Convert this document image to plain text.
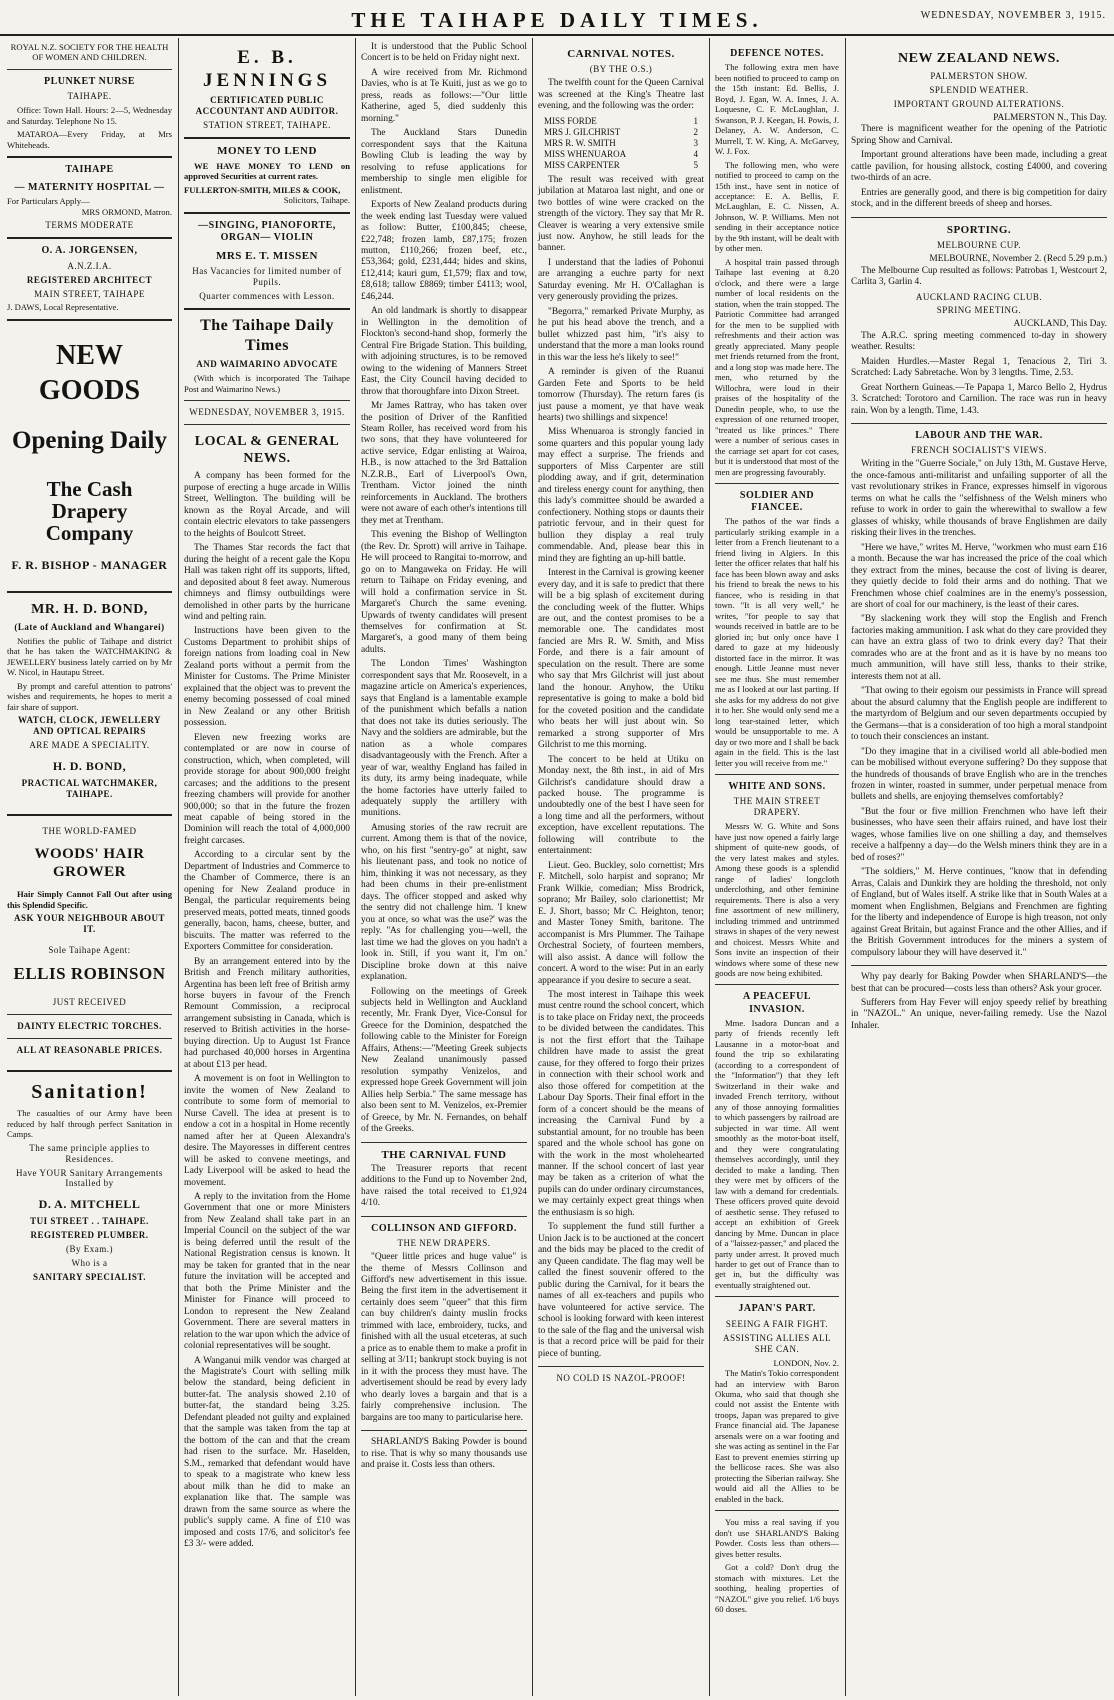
THE TAIHAPE DAILY TIMES.	WEDNESDAY, NOVEMBER 3, 1915.
ROYAL N.Z. SOCIETY FOR THE HEALTH OF WOMEN AND CHILDREN.
PLUNKET NURSE
TAIHAPE.

Office: Town Hall. Hours: 2—5, Wednesday and Saturday. Telephone No 15.

MATAROA—Every Friday, at Mrs Whiteheads.

TAIHAPE
— MATERNITY HOSPITAL —
For Particulars Apply—
MRS ORMOND, Matron.
TERMS MODERATE
O. A. JORGENSEN,
A.N.Z.I.A.
REGISTERED ARCHITECT
MAIN STREET, TAIHAPE
J. DAWS, Local Representative.
NEW
GOODS
Opening Daily
The Cash Drapery Company
F. R. BISHOP - MANAGER
MR. H. D. BOND,
(Late of Auckland and Whangarei)

Notifies the public of Taihape and district that he has taken the WATCHMAKING & JEWELLERY business lately carried on by Mr W. Nicol, in Hautapu Street.

By prompt and careful attention to patrons' wishes and requirements, he hopes to merit a fair share of support.

WATCH, CLOCK, JEWELLERY AND OPTICAL REPAIRS
ARE MADE A SPECIALITY.
H. D. BOND,
PRACTICAL WATCHMAKER, TAIHAPE.
THE WORLD-FAMED
WOODS' HAIR GROWER

Hair Simply Cannot Fall Out after using this Splendid Specific.

ASK YOUR NEIGHBOUR ABOUT IT.
Sole Taihape Agent:
ELLIS ROBINSON
JUST RECEIVED
DAINTY ELECTRIC TORCHES.
ALL AT REASONABLE PRICES.
Sanitation!

The casualties of our Army have been reduced by half through perfect Sanitation in Camps.

The same principle applies to Residences.
Have YOUR Sanitary Arrangements Installed by
D. A. MITCHELL
TUI STREET . . TAIHAPE.
REGISTERED PLUMBER.
(By Exam.)
Who is a
SANITARY SPECIALIST.
E. B. JENNINGS
CERTIFICATED PUBLIC ACCOUNTANT AND AUDITOR.
STATION STREET, TAIHAPE.
MONEY TO LEND

WE HAVE MONEY TO LEND on approved Securities at current rates.

FULLERTON-SMITH, MILES & COOK,
Solicitors, Taihape.
—SINGING, PIANOFORTE, ORGAN— VIOLIN
MRS E. T. MISSEN
Has Vacancies for limited number of Pupils.
Quarter commences with Lesson.
The Taihape Daily Times
AND WAIMARINO ADVOCATE

(With which is incorporated The Taihape Post and Waimarino News.)

WEDNESDAY, NOVEMBER 3, 1915.
LOCAL & GENERAL NEWS.

A company has been formed for the purpose of erecting a huge arcade in Willis Street, Wellington. The building will be known as the Royal Arcade, and will contain electric elevators to take passengers to the heights of Boulcott Street.

The Thames Star records the fact that during the height of a recent gale the Kopu Hall was taken right off its supports, lifted, and deposited about 8 feet away. Numerous chimneys and flimsy outbuildings were demolished in other parts by the hurricane wind and pelting rain.

Instructions have been given to the Customs Department to prohibit ships of foreign nations from loading coal in New Zealand ports without a permit from the Minister for Customs. The Prime Minister explained that the object was to prevent the enemy becoming possessed of coal mined in New Zealand or any other British possession.

Eleven new freezing works are contemplated or are now in course of construction, which, when completed, will provide storage for about 900,000 freight carcases; and the additions to the present freezing chambers will provide for another 900,000; so that in the future the frozen meat capable of being stored in the Dominion will reach the total of 4,000,000 freight carcases.

According to a circular sent by the Department of Industries and Commerce to the Chamber of Commerce, there is an opening for New Zealand produce in Bengal, the particular requirements being preserved meats, potted meats, tinned goods generally, bacon, hams, cheese, butter, and biscuits. The matter was referred to the Exporters Committee for consideration.

By an arrangement entered into by the British and French military authorities, Argentina has been left free of British army horse buyers in favour of the French Remount Commission, a reciprocal arrangement subsisting in Canada, which is reserved to British activities in the horse-buying direction. Up to August 1st France had purchased 40,000 horses in Argentina at about £13 per head.

A movement is on foot in Wellington to invite the women of New Zealand to contribute to some form of memorial to Nurse Cavell. The idea at present is to endow a cot in a hospital in Home recently named after her at Queen Alexandra's desire. The Mayoresses in different centres will be asked to convene meetings, and Lady Liverpool will be asked to head the movement.

A reply to the invitation from the Home Government that one or more Ministers from New Zealand shall take part in an Imperial Council on the subject of the war is being deferred until the result of the National Registration census is known. It may be taken for granted that in the near future the invitation will be accepted and that both the Prime Minister and the Minister for Finance will proceed to London to represent the New Zealand Government. There are several matters in relation to the war upon which the advice of colonial representatives will be sought.

A Wanganui milk vendor was charged at the Magistrate's Court with selling milk below the standard, being deficient in butter-fat. The analysis showed 2.10 of butter-fat, the standard being 3.25. Defendant pleaded not guilty and explained that the sample was taken from the tap at the bottom of the can and that the cream had risen to the surface. Mr. Haselden, S.M., remarked that defendant would have to speak to a magistrate who knew less about milk than he did to make an explanation like that. The sample was drawn from the same source as where the public's supply came. A fine of £10 was imposed and costs 17/6, and solicitor's fee £3 3/- were added.

It is understood that the Public School Concert is to be held on Friday night next.

A wire received from Mr. Richmond Davies, who is at Te Kuiti, just as we go to press, reads as follows:—"Our little Katherine, aged 5, died suddenly this morning."

The Auckland Stars Dunedin correspondent says that the Kaituna Bowling Club is leading the way by resolving to refuse applications for membership to single men eligible for enlistment.

Exports of New Zealand products during the week ending last Tuesday were valued as follow: Butter, £100,845; cheese, £22,748; frozen lamb, £87,175; frozen mutton, £110,266; frozen beef, etc., £53,364; gold, £231,444; hides and skins, £12,414; kauri gum, £1,579; flax and tow, £8,618; tallow £8869; timber £4113; wool, £46,244.

An old landmark is shortly to disappear in Wellington in the demolition of Flockton's second-hand shop, formerly the Central Fire Brigade Station. This building, with adjoining structures, is to be removed owing to the widening of Manners Street East, the City Council having decided to throw that thoroughfare into Dixon Street.

Mr James Rattray, who has taken over the position of Driver of the Ranfitied Steam Roller, has received word from his two sons, that they have volunteered for active service, Edgar enlisting at Wairoa, H.B., is now attached to the 3rd Battalion N.Z.R.B., Earl of Liverpool's Own, Trentham. Victor joined the ninth reinforcements in Auckland. The brothers were not aware of each other's intentions till they met at Trentham.

This evening the Bishop of Wellington (the Rev. Dr. Sprott) will arrive in Taihape. He will proceed to Rangitai to-morrow, and go on to Mangaweka on Friday. He will return to Taihape on Friday evening, and will hold a confirmation service in St. Margaret's Church the same evening. Upwards of twenty candidates will present themselves for confirmation at St. Margaret's, a good many of them being adults.

The London Times' Washington correspondent says that Mr. Roosevelt, in a magazine article on America's experiences, says that England is a lamentable example of the punishment which befalls a nation that does not take its duties seriously. The Navy and the soldiers are admirable, but the nation as a whole compares disadvantageously with the French. After a year of war, wealthy England has failed in its duty, its army being inadequate, while the home factories have utterly failed to adequately supply the artillery with munitions.

Amusing stories of the raw recruit are current. Among them is that of the novice, who, on his first "sentry-go" at night, saw his lieutenant pass, and took no notice of him, thinking it was not necessary, as they had been chums in their pre-enlistment days. The officer stopped and asked why the sentry did not challenge him. 'I knew you at once, so what was the use?' was the reply. ''As for challenging you—well, the last time we had the gloves on you hadn't a look in. Still, if you want it, I'm on.' Discipline broke down at this naive explanation.

Following on the meetings of Greek subjects held in Wellington and Auckland recently, Mr. Frank Dyer, Vice-Consul for Greece for the Dominion, despatched the following cable to the Minister for Foreign Affairs, Athens:—"Meeting Greek subjects New Zealand unanimously passed resolution sympathy Venizelos, and expressed hope Greek Government will join Allies help Serbia." The same message has also been sent to M. Venizelos, ex-Premier of Greece, by Mr. N. Fernandes, on behalf of the Greeks.

THE CARNIVAL FUND

The Treasurer reports that recent additions to the Fund up to November 2nd, have raised the total received to £1,924 4/10.

COLLINSON AND GIFFORD.
THE NEW DRAPERS.

"Queer little prices and huge value" is the theme of Messrs Collinson and Gifford's new advertisement in this issue. Being the first item in the advertisement it certainly does seem "queer" that this firm can buy children's dainty muslin frocks trimmed with lace, embroidery, tucks, and finished with all the usual etceteras, at such a price as to enable them to make a profit in selling at 3/11; bankrupt stock buying is not in it with the process they must have. The advertisement should be read by every lady who dearly loves a bargain and that is a fairly comprehensive inclusion. The bargains are too many to particularise here.

SHARLAND'S Baking Powder is bound to rise. That is why so many thousands use and praise it. Costs less than others.

CARNIVAL NOTES.
(BY THE O.S.)

The twelfth count for the Queen Carnival was screened at the King's Theatre last evening, and the following was the order:

MISS FORDE	1
MRS J. GILCHRIST	2
MRS R. W. SMITH	3
MISS WHENUAROA	4
MISS CARPENTER	5

The result was received with great jubilation at Mataroa last night, and one or two bottles of wine were cracked on the strength of the victory. They say that Mr R. Cleaver is wearing a very extensive smile just now. Anyhow, he still leads for the banner.

I understand that the ladies of Pohonui are arranging a euchre party for next Saturday evening. Mr H. O'Callaghan is very generously providing the prizes.

"Begorra," remarked Private Murphy, as he put his head above the trench, and a bullet whizzed past him, "it's aisy to understand that the more a man looks round in this war the less he's likely to see!"

A reminder is given of the Ruanui Garden Fete and Sports to be held tomorrow (Thursday). The return fares (is just pause a moment, ye that have weak hearts) two shillings and sixpence!

Miss Whenuaroa is strongly fancied in some quarters and this popular young lady may effect a surprise. The friends and supporters of Miss Carpenter are still plodding away, and if grit, determination and tireless energy count for anything, then this lady's committee should be awarded a confectionery. Nothing stops or daunts their patriotic fervour, and in their quest for bullion they display a real truly commendable. And, please bear this in mind they are fighting an up-hill battle.

Interest in the Carnival is growing keener every day, and it is safe to predict that there will be a big splash of excitement during the concluding week of the flutter. Whips are out, and the contest promises to be a memorable one. The candidates most fancied are Mrs R. W. Smith, and Miss Forde, and there is a fair amount of speculation on the result. There are some who say that Mrs Gilchrist will just about land the honour. Anyhow, the Utiku representative is going to make a bold bid for the coveted position and the candidate who beats her will just about win. So remarked a strong supporter of Mrs Gilchrist to me this morning.

The concert to be held at Utiku on Monday next, the 8th inst., in aid of Mrs Gilchrist's candidature should draw a packed house. The programme is undoubtedly one of the best I have seen for a long time and all the performers, without exception, have excellent reputations. The following will contribute to the entertainment:

Lieut. Geo. Buckley, solo cornettist; Mrs F. Mitchell, solo harpist and soprano; Mr Frank Wilkie, comedian; Miss Brodrick, soprano; Mr Bailey, solo clarionettist; Mr E. J. Short, basso; Mr C. Heighton, tenor; and Master Toney Smith, baritone. The accompanist is Mrs Plummer. The Taihape Orchestral Society, of fourteen members, will also assist. A dance will follow the concert. A word to the wise: Put in an early appearance if you desire to secure a seat.

The most interest in Taihape this week must centre round the school concert, which is to take place on Friday next, the proceeds to be divided between the candidates. This is not the first effort that the Taihape children have made to assist the great cause, for they offered to forgo their prizes in connection with their school work and also those offered for competition at the Labour Day Sports. Their final effort in the form of a concert should be the means of increasing the Carnival Fund by a substantial amount, for no trouble has been spared and the whole school has gone on with the work in the most wholehearted manner. If the school concert of last year may be taken as a criterion of what the pupils can do under ordinary circumstances, we may certainly expect great things when the enthusiasm is so high.

To supplement the fund still further a Union Jack is to be auctioned at the concert and the bids may be placed to the credit of any Queen candidate. The flag may well be called the finest souvenir offered to the public during the Carnival, for it bears the names of all ex-teachers and pupils who have volunteered for active service. The school is looking forward with keen interest to the sale of the flag and the universal wish is that a record price will be paid for their piece of bunting.

NO COLD IS NAZOL-PROOF!
DEFENCE NOTES.

The following extra men have been notified to proceed to camp on the 15th instant: Ed. Bellis, J. Boyd, J. Egan, W. A. Innes, J. A. Loquesne, C. F. McLaughlan, J. Swanson, P. J. Keegan, H. Powis, J. Delaney, A. W. Anderson, C. Murrell, T. W. King, A. McGarvey, W. J. Fox.

The following men, who were notified to proceed to camp on the 15th inst., have sent in notice of acceptance: E. A. Bellis, F. McLaughlan, E. C. Nissen, A. Johnson, W. P. Williams. Men not sending in their acceptance notice by the 9th instant, will be dealt with by other men.

A hospital train passed through Taihape last evening at 8.20 o'clock, and there were a large number of local residents on the station, when the train stopped. The Patriotic Committee had arranged for the men to be supplied with refreshments and their action was greatly appreciated. Many people met friends returned from the front, and a long stop was made here. The men, who returned by the Willochra, were loud in their praises of the hospitality of the Dunedin people, who, to use the expression of one returned trooper, "treated us like princes." There were a number of serious cases in the carriage set apart for cot cases, but it is understood that most of the men are progressing favourably.

SOLDIER AND FIANCEE.

The pathos of the war finds a particularly striking example in a letter from a French lieutenant to a friend living in Algiers. In this letter the officer relates that half his face has been blown away and asks his friend to break the news to his fiancee, who is residing in that town. "It is all very well," he writes, "for people to say that wounds received in battle are to be gloried in; but only once have I dared to gaze at my hideously distorted face in the mirror. It was enough. Little Jeanne must never see me thus. She must remember me as I looked at our last parting. If she asks for my address do not give it to her. She would only send me a long tear-stained letter, which would be unsupportable to me. A day or two more and I shall be back again in the field. This is the last letter you will receive from me."

WHITE AND SONS.
THE MAIN STREET DRAPERY.

Messrs W. G. White and Sons have just now opened a fairly large shipment of quite-new goods, of the very latest makes and styles. Among these goods is a splendid range of ladies' longcloth underclothing, and other feminine requirements. There is also a very fine assortment of new millinery, including trimmed and untrimmed straws in shapes of the very newest and choicest. Messrs White and Sons invite an inspection of their windows where some of these new goods are now being exhibited.

A PEACEFUL INVASION.

Mme. Isadora Duncan and a party of friends recently left Lausanne in a motor-boat and found the trip so exhilarating (according to a correspondent of the "Information") that they left Switzerland in their wake and invaded French territory, without any of those annoying formalities to which passengers by railroad are subjected in war time. All went smoothly as the motor-boat itself, and they were congratulating themselves accordingly, until they decided to make a landing. Then they were met by officers of the law with a demand for credentials. These officers proved quite devoid of aesthetic sense. They refused to accept an exhibition of Greek dancing by Mme. Duncan in place of a "laissez-passer," and placed the party under arrest. It proved much harder to get out of France than to get in, but the difficulty was eventually straightened out.

JAPAN'S PART.
SEEING A FAIR FIGHT.
ASSISTING ALLIES ALL SHE CAN.
LONDON, Nov. 2.

The Matin's Tokio correspondent had an interview with Baron Okuma, who said that though she could not assist the Entente with troops, Japan was prepared to give France financial aid. The Japanese arsenals were on a war footing and she was acting as sentinel in the Far East to prevent enemies stirring up the bellicose races. She was also protecting the Siberian railway. She would aid all the Allies to be enabled in the back.

You miss a real saving if you don't use SHARLAND'S Baking Powder. Costs less than others—gives better results.

Got a cold? Don't drug the stomach with mixtures. Let the soothing, healing properties of "NAZOL" give you relief. 1/6 buys 60 doses.

NEW ZEALAND NEWS.
PALMERSTON SHOW.
SPLENDID WEATHER.
IMPORTANT GROUND ALTERATIONS.
PALMERSTON N., This Day.

There is magnificent weather for the opening of the Patriotic Spring Show and Carnival.

Important ground alterations have been made, including a great cattle pavilion, for housing allstock, costing £4000, and covering two-thirds of an acre.

Entries are generally good, and there is big competition for dairy stock, and in the different breeds of sheep and horses.

SPORTING.
MELBOURNE CUP.
MELBOURNE, November 2. (Recd 5.29 p.m.)

The Melbourne Cup resulted as follows: Patrobas 1, Westcourt 2, Carlita 3, Garlin 4.

AUCKLAND RACING CLUB.
SPRING MEETING.
AUCKLAND, This Day.

The A.R.C. spring meeting commenced to-day in showery weather. Results:

Maiden Hurdles.—Master Regal 1, Tenacious 2, Tiri 3. Scratched: Lady Sabretache. Won by 3 lengths. Time, 2.53.

Great Northern Guineas.—Te Papapa 1, Marco Bello 2, Hydrus 3. Scratched: Torotoro and Carnilion. The race was run in heavy rain. Won by a length. Time, 1.43.

LABOUR AND THE WAR.
FRENCH SOCIALIST'S VIEWS.

Writing in the "Guerre Sociale," on July 13th, M. Gustave Herve, the once-famous anti-militarist and unfailing supporter of all the vast revolutionary strikes in France, expresses himself in vigorous terms on what he calls the "selfishness of the Welsh miners who refuse to work in order to gain the wherewithal to swallow a few glasses of whisky, while thousands of brave Englishmen are daily risking their lives in the trenches.

"Here we have," writes M. Herve, "workmen who must earn £16 a month. Because the war has increased the price of the coal which they extract from the mines, because the cost of living is dearer, they quietly decide to fold their arms and do nothing. That we Frenchmen whose chief coalmines are in the enemy's possession, are short of coal for our machinery, is the least of their cares.

"By slackening work they will stop the English and French factories making ammunition. I ask what do they care provided they can have an extra glass of two to drink every day? That their comrades who are at the front and as it is have by no means too much ammunition, will have still less, thanks to their strike, interests them not at all.

"That owing to their egoism our pessimists in France will spread about the absurd calumny that the English people are indifferent to the martyrdom of Belgium and our seven departments occupied by the Germans—that is a consideration of too high a moral standpoint to touch their consciences an instant.

"Do they imagine that in a civilised world all able-bodied men can be mobilised without everyone suffering? Do they suppose that the hundreds of thousands of brave English who are in the trenches frozen in winter, roasted in summer, under perpetual menace from bullets and shells, are enjoying themselves comfortably?

"But the four or five million Frenchmen who have left their businesses, who have seen their affairs ruined, and have lost their wages, whose families live on one shilling a day, and themselves receive a halfpenny a day—do the Welsh miners think they are in a bed of roses?"

"The soldiers," M. Herve continues, "know that in defending Arras, Calais and Dunkirk they are holding the threshold, not only of England, but of Wales itself. A strike like that in South Wales at a moment when Englishmen, Belgians and Frenchmen are fighting for the liberty and independence of Europe is high treason, not only against Great Britain, but against France and the other Allies, and if the British Government introduces for the miners a system of compulsory labour they will have deserved it."

Why pay dearly for Baking Powder when SHARLAND'S—the best that can be procured—costs less than others? Ask your grocer.

Sufferers from Hay Fever will enjoy speedy relief by breathing in "NAZOL." An unique, never-failing remedy. Use the Nazol Inhaler.
